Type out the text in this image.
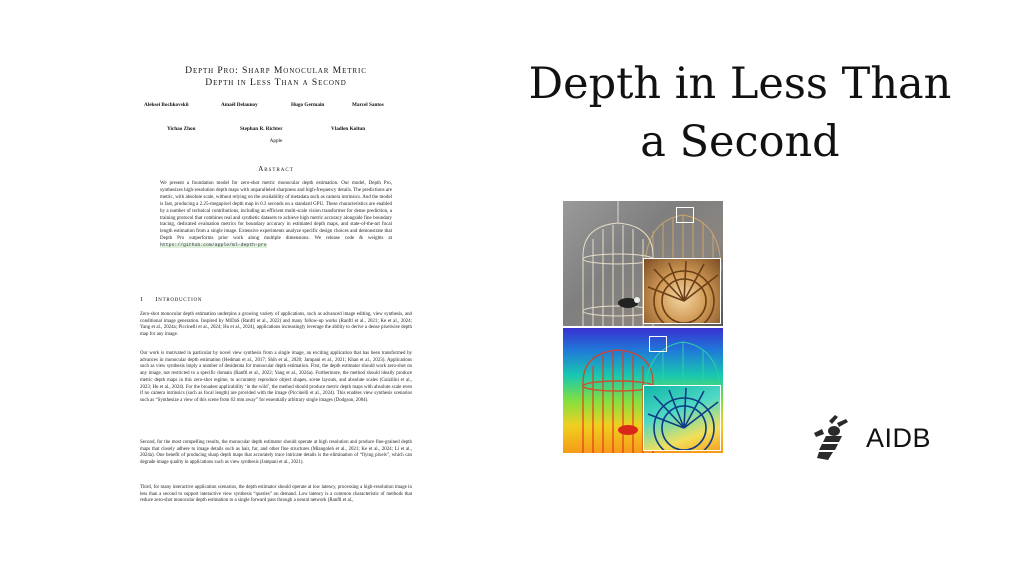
Depth Pro: Sharp Monocular Metric
Depth in Less Than a Second
Aleksei Bochkovskii	Amaël Delaunoy	Hugo Germain	Marcel Santos
Yichao Zhou	Stephan R. Richter	Vladlen Koltun
Apple
Abstract
We present a foundation model for zero-shot metric monocular depth estimation. Our model, Depth Pro, synthesizes high-resolution depth maps with unparalleled sharpness and high-frequency details. The predictions are metric, with absolute scale, without relying on the availability of metadata such as camera intrinsics. And the model is fast, producing a 2.25-megapixel depth map in 0.3 seconds on a standard GPU. These characteristics are enabled by a number of technical contributions, including an efficient multi-scale vision transformer for dense prediction, a training protocol that combines real and synthetic datasets to achieve high metric accuracy alongside fine boundary tracing, dedicated evaluation metrics for boundary accuracy in estimated depth maps, and state-of-the-art focal length estimation from a single image. Extensive experiments analyze specific design choices and demonstrate that Depth Pro outperforms prior work along multiple dimensions. We release code & weights at https://github.com/apple/ml-depth-pro
1 Introduction
Zero-shot monocular depth estimation underpins a growing variety of applications, such as advanced image editing, view synthesis, and conditional image generation. Inspired by MiDaS (Ranftl et al., 2022) and many follow-up works (Ranftl et al., 2021; Ke et al., 2024; Yang et al., 2024a; Piccinelli et al., 2024; Hu et al., 2024), applications increasingly leverage the ability to derive a dense pixelwise depth map for any image.
Our work is motivated in particular by novel view synthesis from a single image, an exciting application that has been transformed by advances in monocular depth estimation (Hedman et al., 2017; Shih et al., 2020; Jampani et al., 2021; Khan et al., 2023). Applications such as view synthesis imply a number of desiderata for monocular depth estimation. First, the depth estimator should work zero-shot on any image, not restricted to a specific domain (Ranftl et al., 2022; Yang et al., 2024a). Furthermore, the method should ideally produce metric depth maps in this zero-shot regime, to accurately reproduce object shapes, scene layouts, and absolute scales (Guizilini et al., 2023; Hu et al., 2024). For the broadest applicability ‘in the wild’, the method should produce metric depth maps with absolute scale even if no camera intrinsics (such as focal length) are provided with the image (Piccinelli et al., 2024). This enables view synthesis scenarios such as “Synthesize a view of this scene from 63 mm away” for essentially arbitrary single images (Dodgson, 2004).
Second, for the most compelling results, the monocular depth estimator should operate at high resolution and produce fine-grained depth maps that closely adhere to image details such as hair, fur, and other fine structures (Miangoleh et al., 2021; Ke et al., 2024; Li et al., 2024a). One benefit of producing sharp depth maps that accurately trace intricate details is the elimination of “flying pixels”, which can degrade image quality in applications such as view synthesis (Jampani et al., 2021).
Third, for many interactive application scenarios, the depth estimator should operate at low latency, processing a high-resolution image in less than a second to support interactive view synthesis “queries” on demand. Low latency is a common characteristic of methods that reduce zero-shot monocular depth estimation to a single forward pass through a neural network (Ranftl et al.,
Depth in Less Than
a Second
AIDB
